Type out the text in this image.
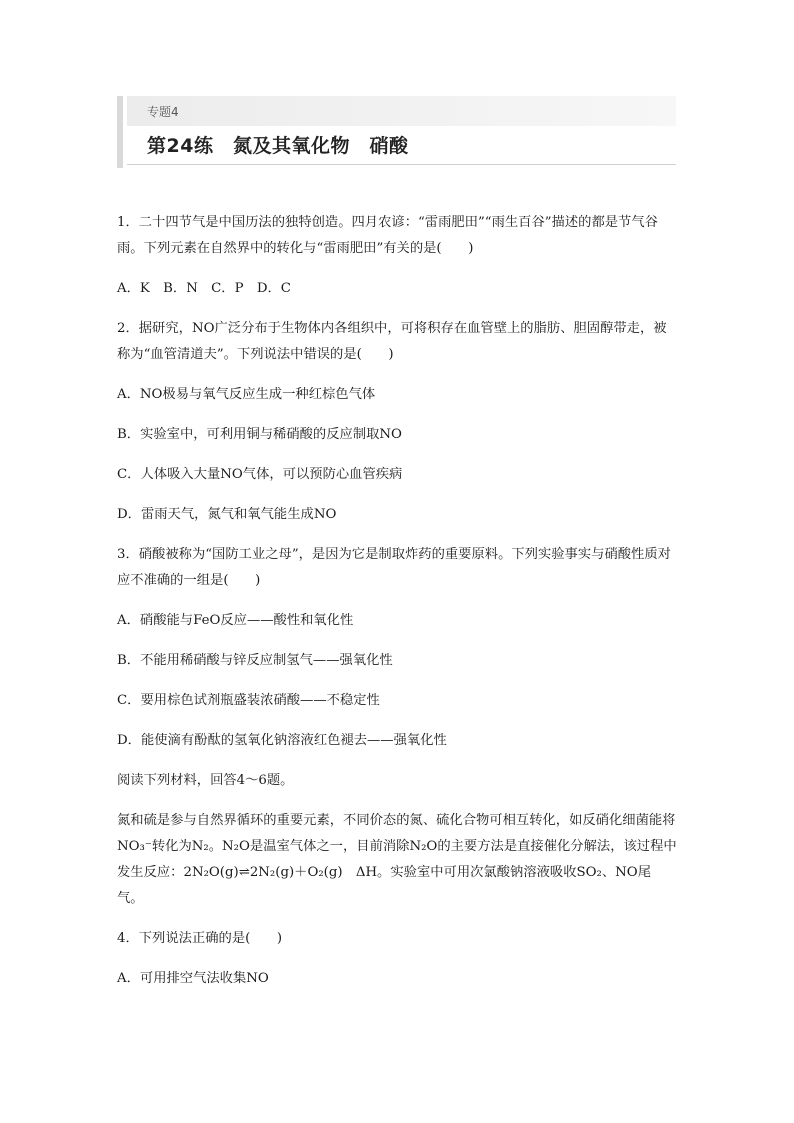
专题4
第24练　氮及其氧化物　硝酸

1．二十四节气是中国历法的独特创造。四月农谚：“雷雨肥田”“雨生百谷”描述的都是节气谷雨。下列元素在自然界中的转化与“雷雨肥田”有关的是(　　)

A．K　B．N　C．P　D．C

2．据研究，NO广泛分布于生物体内各组织中，可将积存在血管壁上的脂肪、胆固醇带走，被称为“血管清道夫”。下列说法中错误的是(　　)

A．NO极易与氧气反应生成一种红棕色气体

B．实验室中，可利用铜与稀硝酸的反应制取NO

C．人体吸入大量NO气体，可以预防心血管疾病

D．雷雨天气，氮气和氧气能生成NO

3．硝酸被称为“国防工业之母”，是因为它是制取炸药的重要原料。下列实验事实与硝酸性质对应不准确的一组是(　　)

A．硝酸能与FeO反应——酸性和氧化性

B．不能用稀硝酸与锌反应制氢气——强氧化性

C．要用棕色试剂瓶盛装浓硝酸——不稳定性

D．能使滴有酚酞的氢氧化钠溶液红色褪去——强氧化性

阅读下列材料，回答4～6题。

氮和硫是参与自然界循环的重要元素，不同价态的氮、硫化合物可相互转化，如反硝化细菌能将NO₃⁻转化为N₂。N₂O是温室气体之一，目前消除N₂O的主要方法是直接催化分解法，该过程中发生反应：2N₂O(g)⇌2N₂(g)＋O₂(g)　ΔH。实验室中可用次氯酸钠溶液吸收SO₂、NO尾气。

4．下列说法正确的是(　　)

A．可用排空气法收集NO
